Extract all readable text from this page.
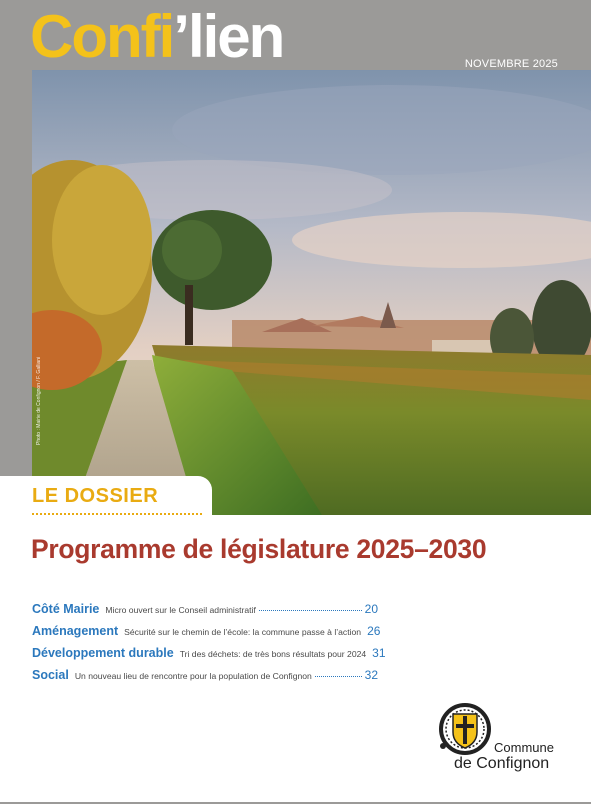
Confi’lien	NOVEMBRE 2025
Photo : Mairie de Confignon / F. Galliani
LE DOSSIER
Programme de législature 2025–2030
Côté Mairie Micro ouvert sur le Conseil administratif	20
Aménagement Sécurité sur le chemin de l’école: la commune passe à l’action 26
Développement durable Tri des déchets: de très bons résultats pour 2024 31
Social Un nouveau lieu de rencontre pour la population de Confignon	32
Commune
de Confignon
